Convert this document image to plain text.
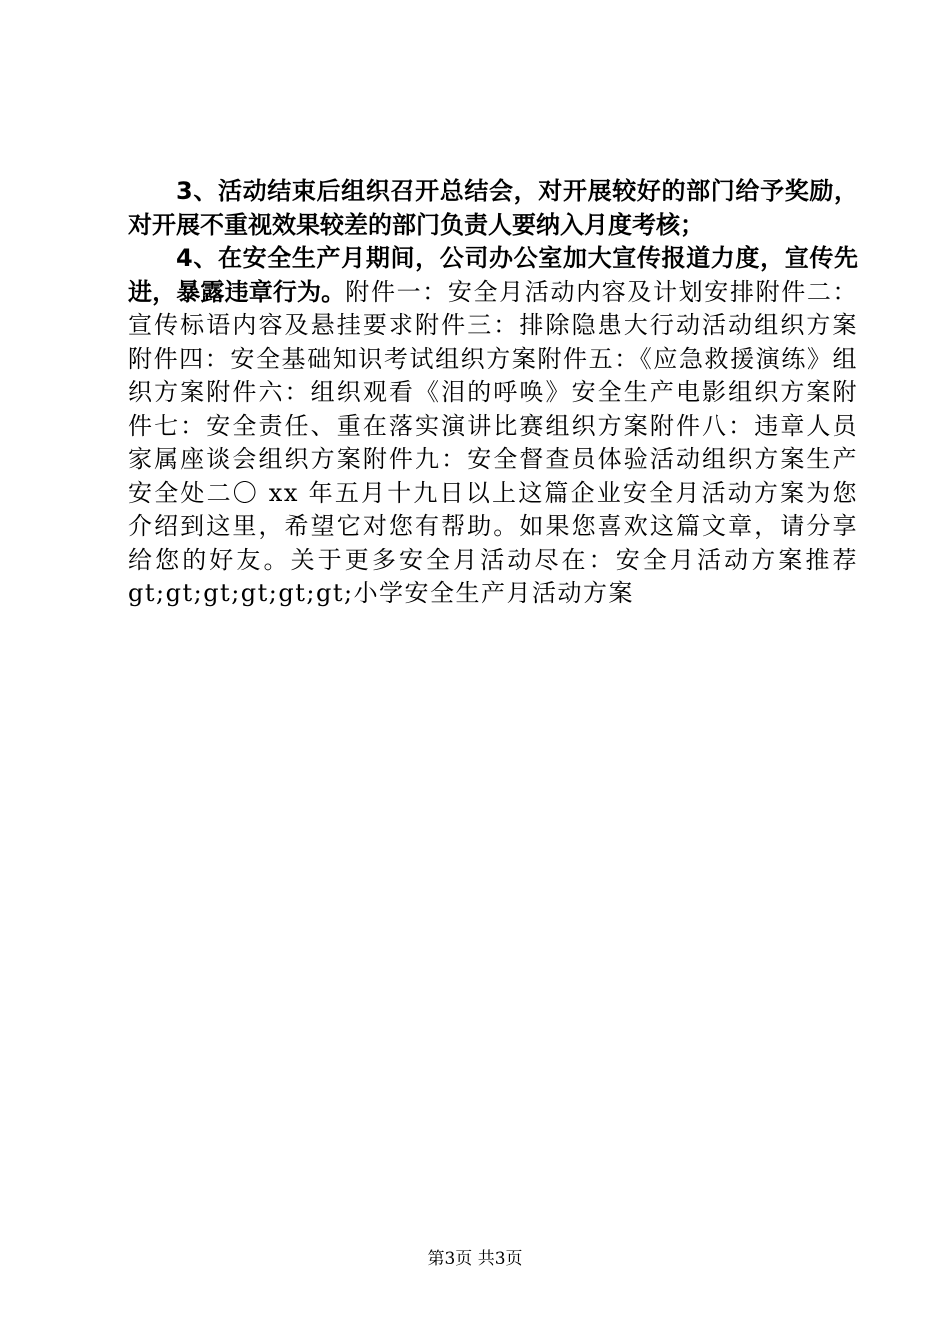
3、活动结束后组织召开总结会，对开展较好的部门给予奖励，对开展不重视效果较差的部门负责人要纳入月度考核；

4、在安全生产月期间，公司办公室加大宣传报道力度，宣传先进，暴露违章行为。附件一：安全月活动内容及计划安排附件二：宣传标语内容及悬挂要求附件三：排除隐患大行动活动组织方案附件四：安全基础知识考试组织方案附件五：《应急救援演练》组织方案附件六：组织观看《泪的呼唤》安全生产电影组织方案附件七：安全责任、重在落实演讲比赛组织方案附件八：违章人员家属座谈会组织方案附件九：安全督查员体验活动组织方案生产安全处二〇 xx 年五月十九日以上这篇企业安全月活动方案为您介绍到这里，希望它对您有帮助。如果您喜欢这篇文章，请分享给您的好友。关于更多安全月活动尽在：安全月活动方案推荐 gt;gt;gt;gt;gt;gt;小学安全生产月活动方案

第3页 共3页
